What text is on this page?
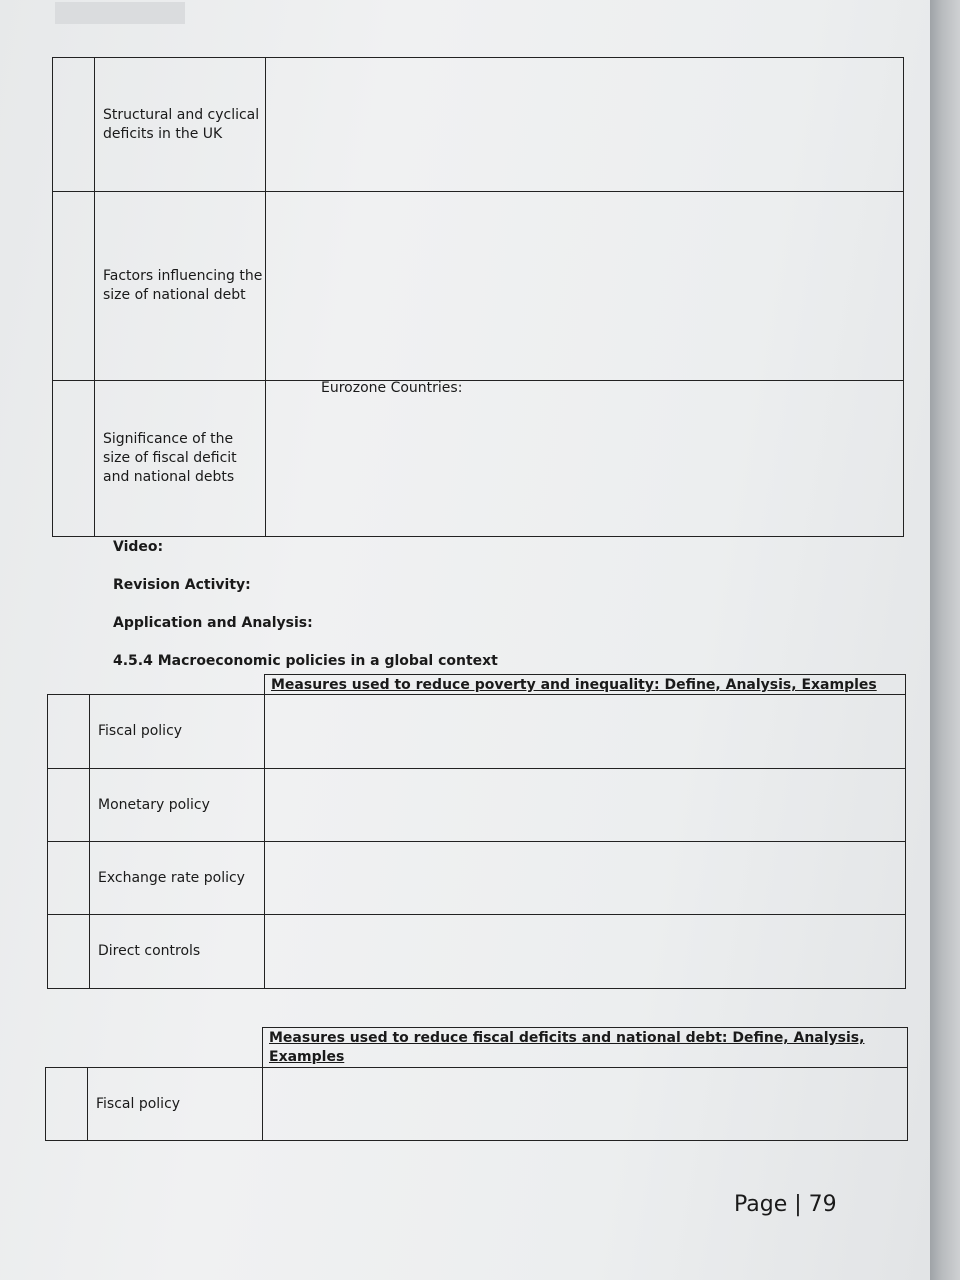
	Structural and cyclical deficits in the UK	

	Factors influencing the size of national debt	

	Significance of the size of fiscal deficit and national debts	

Eurozone Countries:
Video:
Revision Activity:
Application and Analysis:
4.5.4 Macroeconomic policies in a global context
Measures used to reduce poverty and inequality: Define, Analysis, Examples
	Fiscal policy	
	Monetary policy	
	Exchange rate policy	
	Direct controls	
Measures used to reduce fiscal deficits and national debt: Define, Analysis, Examples
	Fiscal policy	
Page | 79
